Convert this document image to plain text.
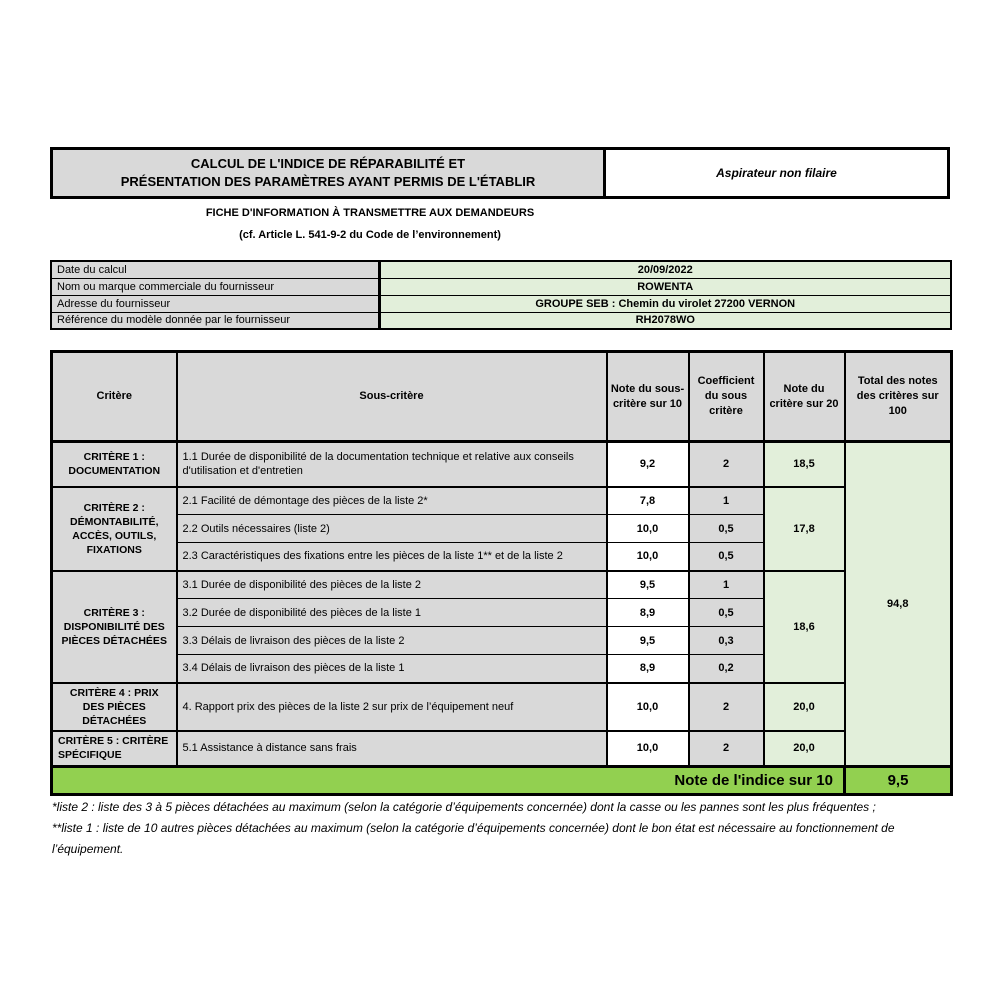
CALCUL DE L'INDICE DE RÉPARABILITÉ ET
PRÉSENTATION DES PARAMÈTRES AYANT PERMIS DE L'ÉTABLIR
Aspirateur non filaire
FICHE D'INFORMATION À TRANSMETTRE AUX DEMANDEURS
(cf. Article L. 541-9-2 du Code de l’environnement)
Date du calcul	20/09/2022
Nom ou marque commerciale du fournisseur	ROWENTA
Adresse du fournisseur	GROUPE SEB : Chemin du virolet 27200 VERNON
Référence du modèle donnée par le fournisseur	RH2078WO
Critère	Sous-critère	Note du sous-critère sur 10	Coefficient du sous critère	Note du critère sur 20	Total des notes des critères sur 100
CRITÈRE 1 : DOCUMENTATION	1.1 Durée de disponibilité de la documentation technique et relative aux conseils d'utilisation et d'entretien	9,2	2	18,5	94,8
CRITÈRE 2 : DÉMONTABILITÉ, ACCÈS, OUTILS, FIXATIONS	2.1 Facilité de démontage des pièces de la liste 2*	7,8	1	17,8	
	2.2 Outils nécessaires (liste 2)	10,0	0,5		
	2.3 Caractéristiques des fixations entre les pièces de la liste 1** et de la liste 2	10,0	0,5		
CRITÈRE 3 : DISPONIBILITÉ DES PIÈCES DÉTACHÉES	3.1 Durée de disponibilité des pièces de la liste 2	9,5	1	18,6	
	3.2 Durée de disponibilité des pièces de la liste 1	8,9	0,5		
	3.3 Délais de livraison des pièces de la liste 2	9,5	0,3		
	3.4 Délais de livraison des pièces de la liste 1	8,9	0,2		
CRITÈRE 4 : PRIX DES PIÈCES DÉTACHÉES	4. Rapport prix des pièces de la liste 2 sur prix de l’équipement neuf	10,0	2	20,0	

CRITÈRE 5 : CRITÈRE SPÉCIFIQUE	5.1 Assistance à distance sans frais	10,0	2	20,0	
Note de l'indice sur 10					9,5
*liste 2 : liste des 3 à 5 pièces détachées au maximum (selon la catégorie d’équipements concernée) dont la casse ou les pannes sont les plus fréquentes ;
**liste 1 : liste de 10 autres pièces détachées au maximum (selon la catégorie d’équipements concernée) dont le bon état est nécessaire au fonctionnement de l’équipement.
